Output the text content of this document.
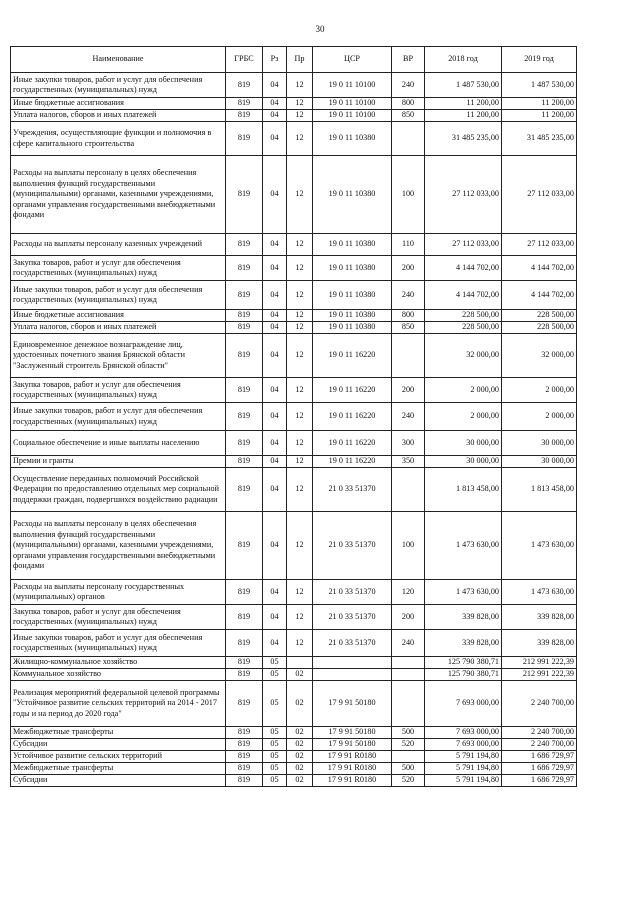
30
Наименование	ГРБС	Рз	Пр	ЦСР	ВР	2018 год	2019 год
Иные закупки товаров, работ и услуг для обеспечения государственных (муниципальных) нужд	819	04	12	19 0 11 10100	240	1 487 530,00	1 487 530,00
Иные бюджетные ассигнования	819	04	12	19 0 11 10100	800	11 200,00	11 200,00
Уплата налогов, сборов и иных платежей	819	04	12	19 0 11 10100	850	11 200,00	11 200,00
Учреждения, осуществляющие функции и полномочия в сфере капитального строительства	819	04	12	19 0 11 10380		31 485 235,00	31 485 235,00
Расходы на выплаты персоналу в целях обеспечения выполнения функций государственными (муниципальными) органами, казенными учреждениями, органами управления государственными внебюджетными фондами	819	04	12	19 0 11 10380	100	27 112 033,00	27 112 033,00
Расходы на выплаты персоналу казенных учреждений	819	04	12	19 0 11 10380	110	27 112 033,00	27 112 033,00
Закупка товаров, работ и услуг для обеспечения государственных (муниципальных) нужд	819	04	12	19 0 11 10380	200	4 144 702,00	4 144 702,00
Иные закупки товаров, работ и услуг для обеспечения государственных (муниципальных) нужд	819	04	12	19 0 11 10380	240	4 144 702,00	4 144 702,00
Иные бюджетные ассигнования	819	04	12	19 0 11 10380	800	228 500,00	228 500,00
Уплата налогов, сборов и иных платежей	819	04	12	19 0 11 10380	850	228 500,00	228 500,00
Единовременное денежное вознаграждение лиц, удостоенных почетного звания Брянской области "Заслуженный строитель Брянской области"	819	04	12	19 0 11 16220		32 000,00	32 000,00
Закупка товаров, работ и услуг для обеспечения государственных (муниципальных) нужд	819	04	12	19 0 11 16220	200	2 000,00	2 000,00
Иные закупки товаров, работ и услуг для обеспечения государственных (муниципальных) нужд	819	04	12	19 0 11 16220	240	2 000,00	2 000,00
Социальное обеспечение и иные выплаты населению	819	04	12	19 0 11 16220	300	30 000,00	30 000,00
Премии и гранты	819	04	12	19 0 11 16220	350	30 000,00	30 000,00
Осуществление переданных полномочий Российской Федерации по предоставлению отдельных мер социальной поддержки граждан, подвергшихся воздействию радиации	819	04	12	21 0 33 51370		1 813 458,00	1 813 458,00
Расходы на выплаты персоналу в целях обеспечения выполнения функций государственными (муниципальными) органами, казенными учреждениями, органами управления государственными внебюджетными фондами	819	04	12	21 0 33 51370	100	1 473 630,00	1 473 630,00
Расходы на выплаты персоналу государственных (муниципальных) органов	819	04	12	21 0 33 51370	120	1 473 630,00	1 473 630,00
Закупка товаров, работ и услуг для обеспечения государственных (муниципальных) нужд	819	04	12	21 0 33 51370	200	339 828,00	339 828,00
Иные закупки товаров, работ и услуг для обеспечения государственных (муниципальных) нужд	819	04	12	21 0 33 51370	240	339 828,00	339 828,00
Жилищно-коммунальное хозяйство	819	05				125 790 380,71	212 991 222,39
Коммунальное хозяйство	819	05	02			125 790 380,71	212 991 222,39
Реализация мероприятий федеральной целевой программы "Устойчивое развитие сельских территорий на 2014 - 2017 годы и на период до 2020 года"	819	05	02	17 9 91 50180		7 693 000,00	2 240 700,00
Межбюджетные трансферты	819	05	02	17 9 91 50180	500	7 693 000,00	2 240 700,00
Субсидии	819	05	02	17 9 91 50180	520	7 693 000,00	2 240 700,00
Устойчивое развитие сельских территорий	819	05	02	17 9 91 R0180		5 791 194,80	1 686 729,97
Межбюджетные трансферты	819	05	02	17 9 91 R0180	500	5 791 194,80	1 686 729,97
Субсидии	819	05	02	17 9 91 R0180	520	5 791 194,80	1 686 729,97
